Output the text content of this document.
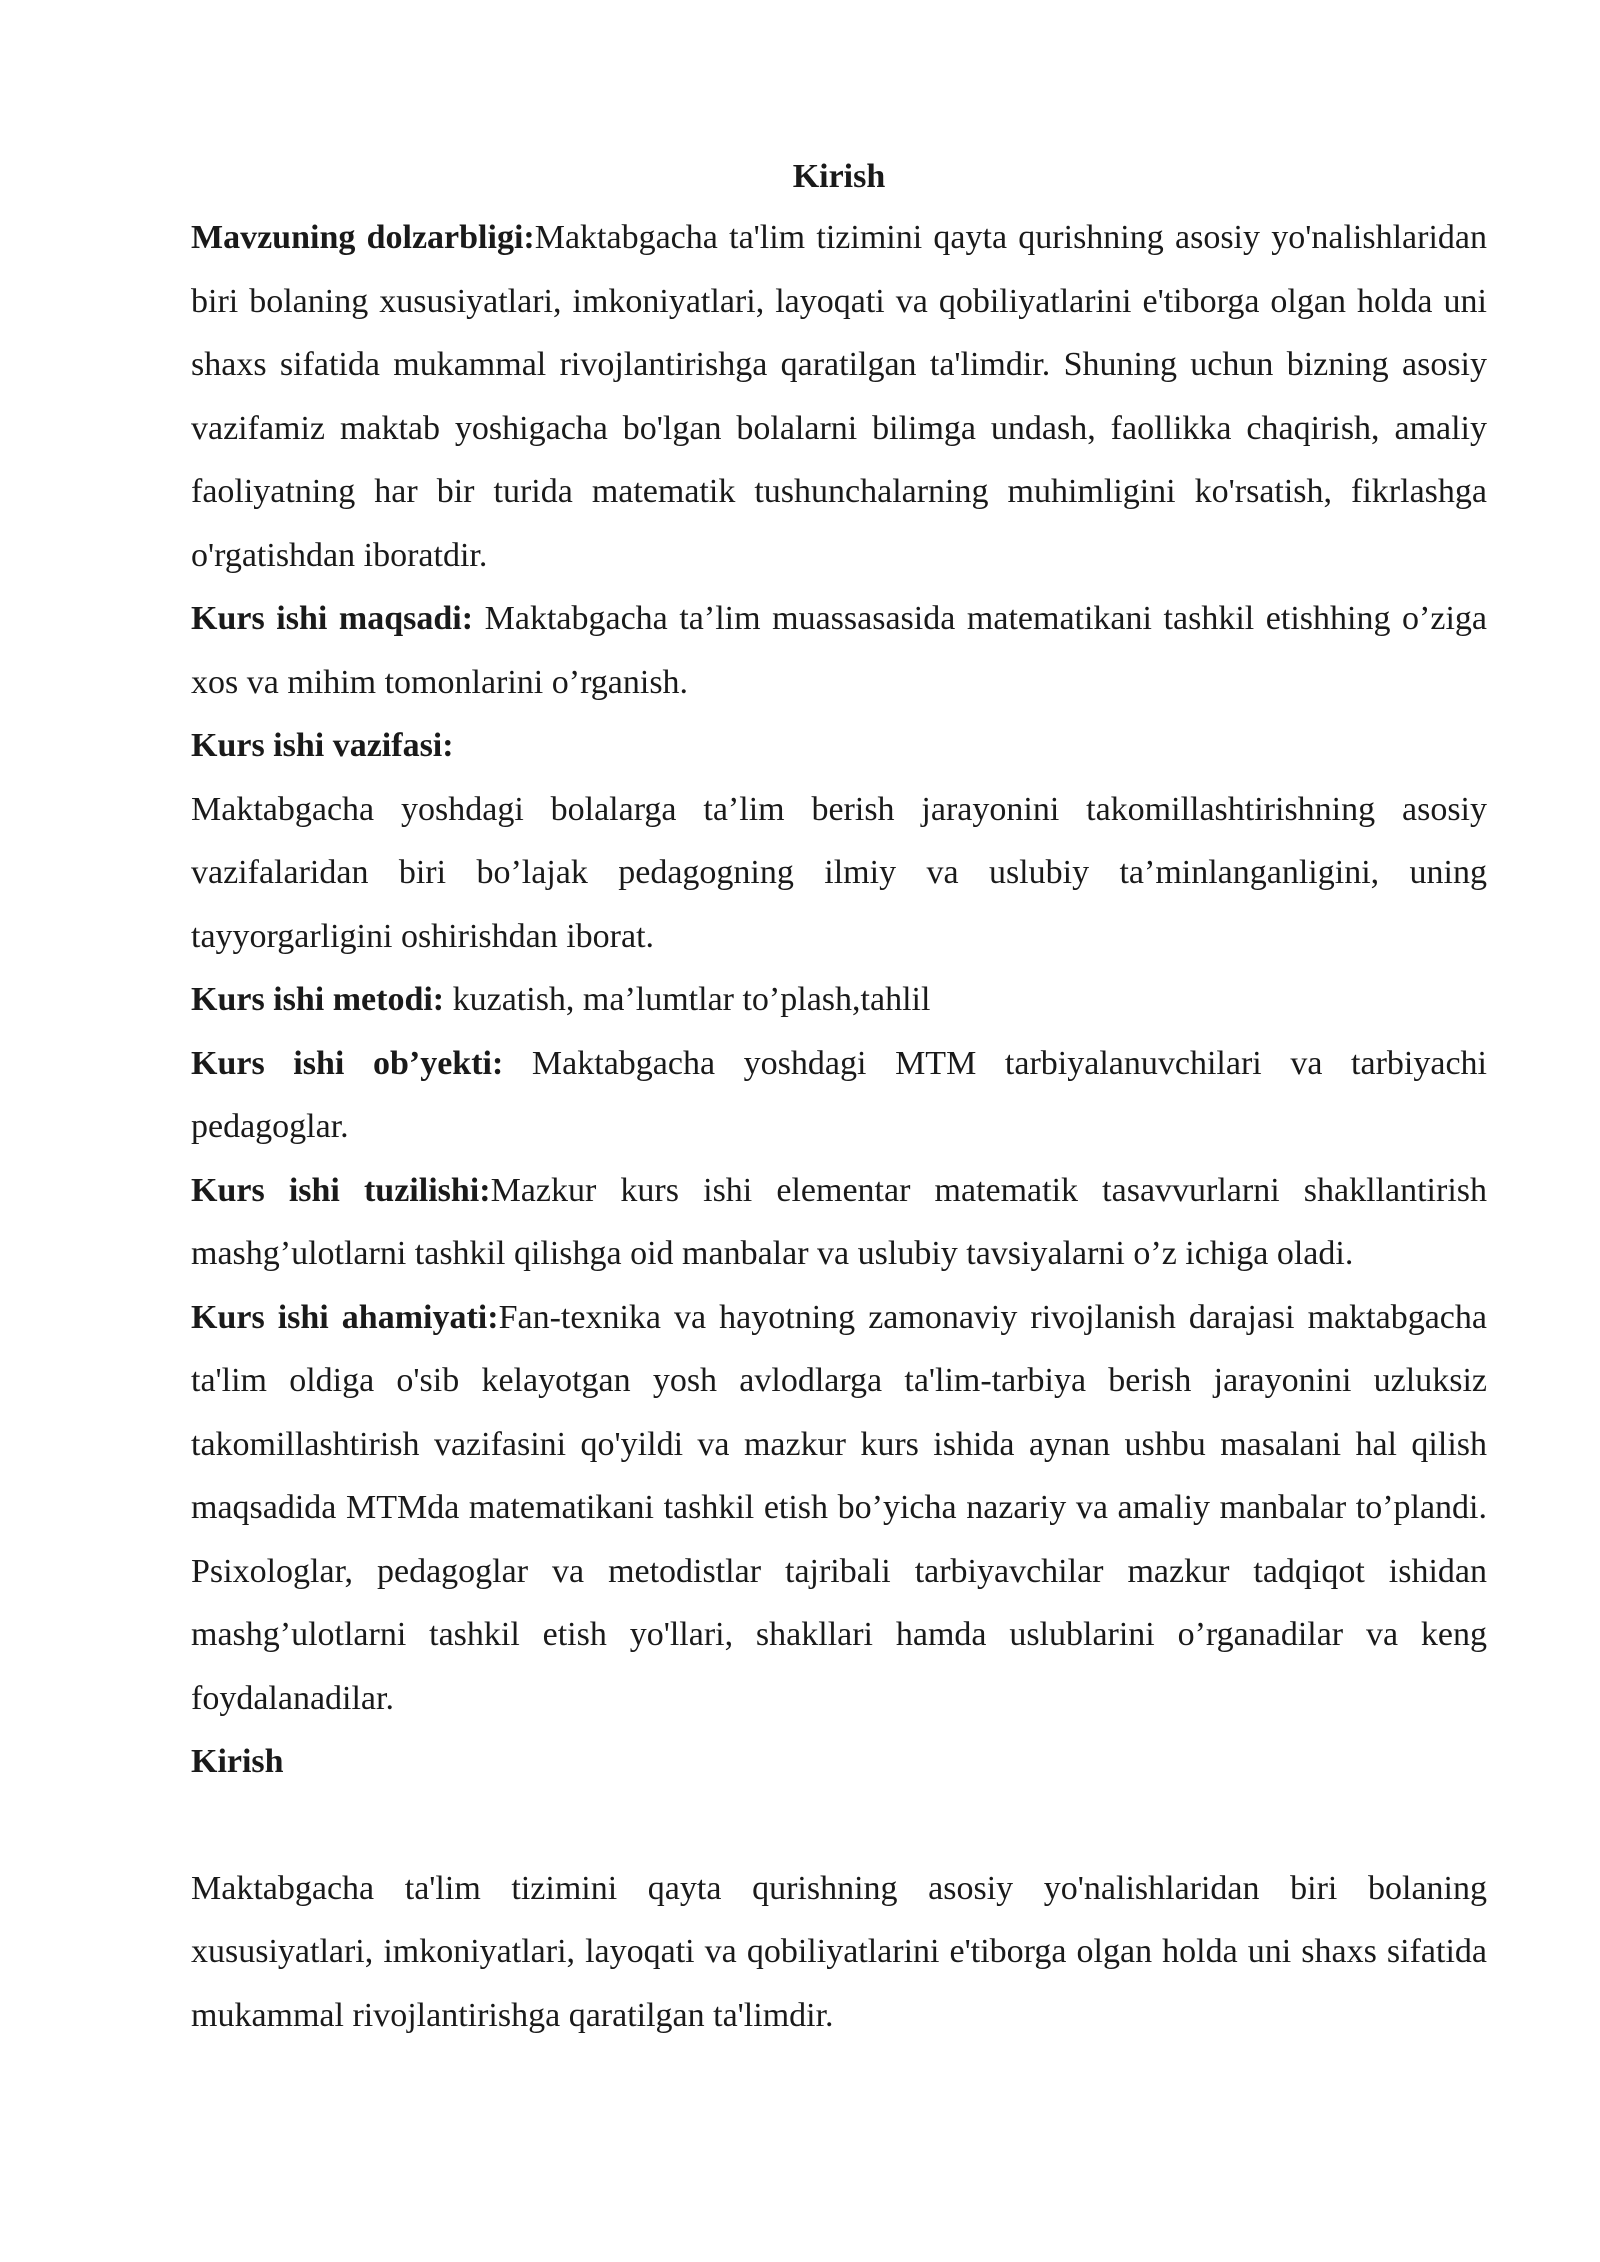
Kirish

Mavzuning dolzarbligi:Maktabgacha ta'lim tizimini qayta qurishning asosiy yo'nalishlaridan biri bolaning xususiyatlari, imkoniyatlari, layoqati va qobiliyatlarini e'tiborga olgan holda uni shaxs sifatida mukammal rivojlantirishga qaratilgan ta'limdir. Shuning uchun bizning asosiy vazifamiz maktab yoshigacha bo'lgan bolalarni bilimga undash, faollikka chaqirish, amaliy faoliyatning har bir turida matematik tushunchalarning muhimligini ko'rsatish, fikrlashga o'rgatishdan iboratdir.

Kurs ishi maqsadi: Maktabgacha ta’lim muassasasida matematikani tashkil etishhing o’ziga xos va mihim tomonlarini o’rganish.

Kurs ishi vazifasi:

Maktabgacha yoshdagi bolalarga ta’lim berish jarayonini takomillashtirishning asosiy vazifalaridan biri bo’lajak pedagogning ilmiy va uslubiy ta’minlanganligini, uning tayyorgarligini oshirishdan iborat.

Kurs ishi metodi: kuzatish, ma’lumtlar to’plash,tahlil

Kurs ishi ob’yekti: Maktabgacha yoshdagi MTM tarbiyalanuvchilari va tarbiyachi pedagoglar.

Kurs ishi tuzilishi:Mazkur kurs ishi elementar matematik tasavvurlarni shakllantirish mashg’ulotlarni tashkil qilishga oid manbalar va uslubiy tavsiyalarni o’z ichiga oladi.

Kurs ishi ahamiyati:Fan-texnika va hayotning zamonaviy rivojlanish darajasi maktabgacha ta'lim oldiga o'sib kelayotgan yosh avlodlarga ta'lim-tarbiya berish jarayonini uzluksiz takomillashtirish vazifasini qo'yildi va mazkur kurs ishida aynan ushbu masalani hal qilish maqsadida MTMda matematikani tashkil etish bo’yicha nazariy va amaliy manbalar to’plandi. Psixologlar, pedagoglar va metodistlar tajribali tarbiyavchilar mazkur tadqiqot ishidan mashg’ulotlarni tashkil etish yo'llari, shakllari hamda uslublarini o’rganadilar va keng foydalanadilar.

Kirish

Maktabgacha ta'lim tizimini qayta qurishning asosiy yo'nalishlaridan biri bolaning xususiyatlari, imkoniyatlari, layoqati va qobiliyatlarini e'tiborga olgan holda uni shaxs sifatida mukammal rivojlantirishga qaratilgan ta'limdir.
